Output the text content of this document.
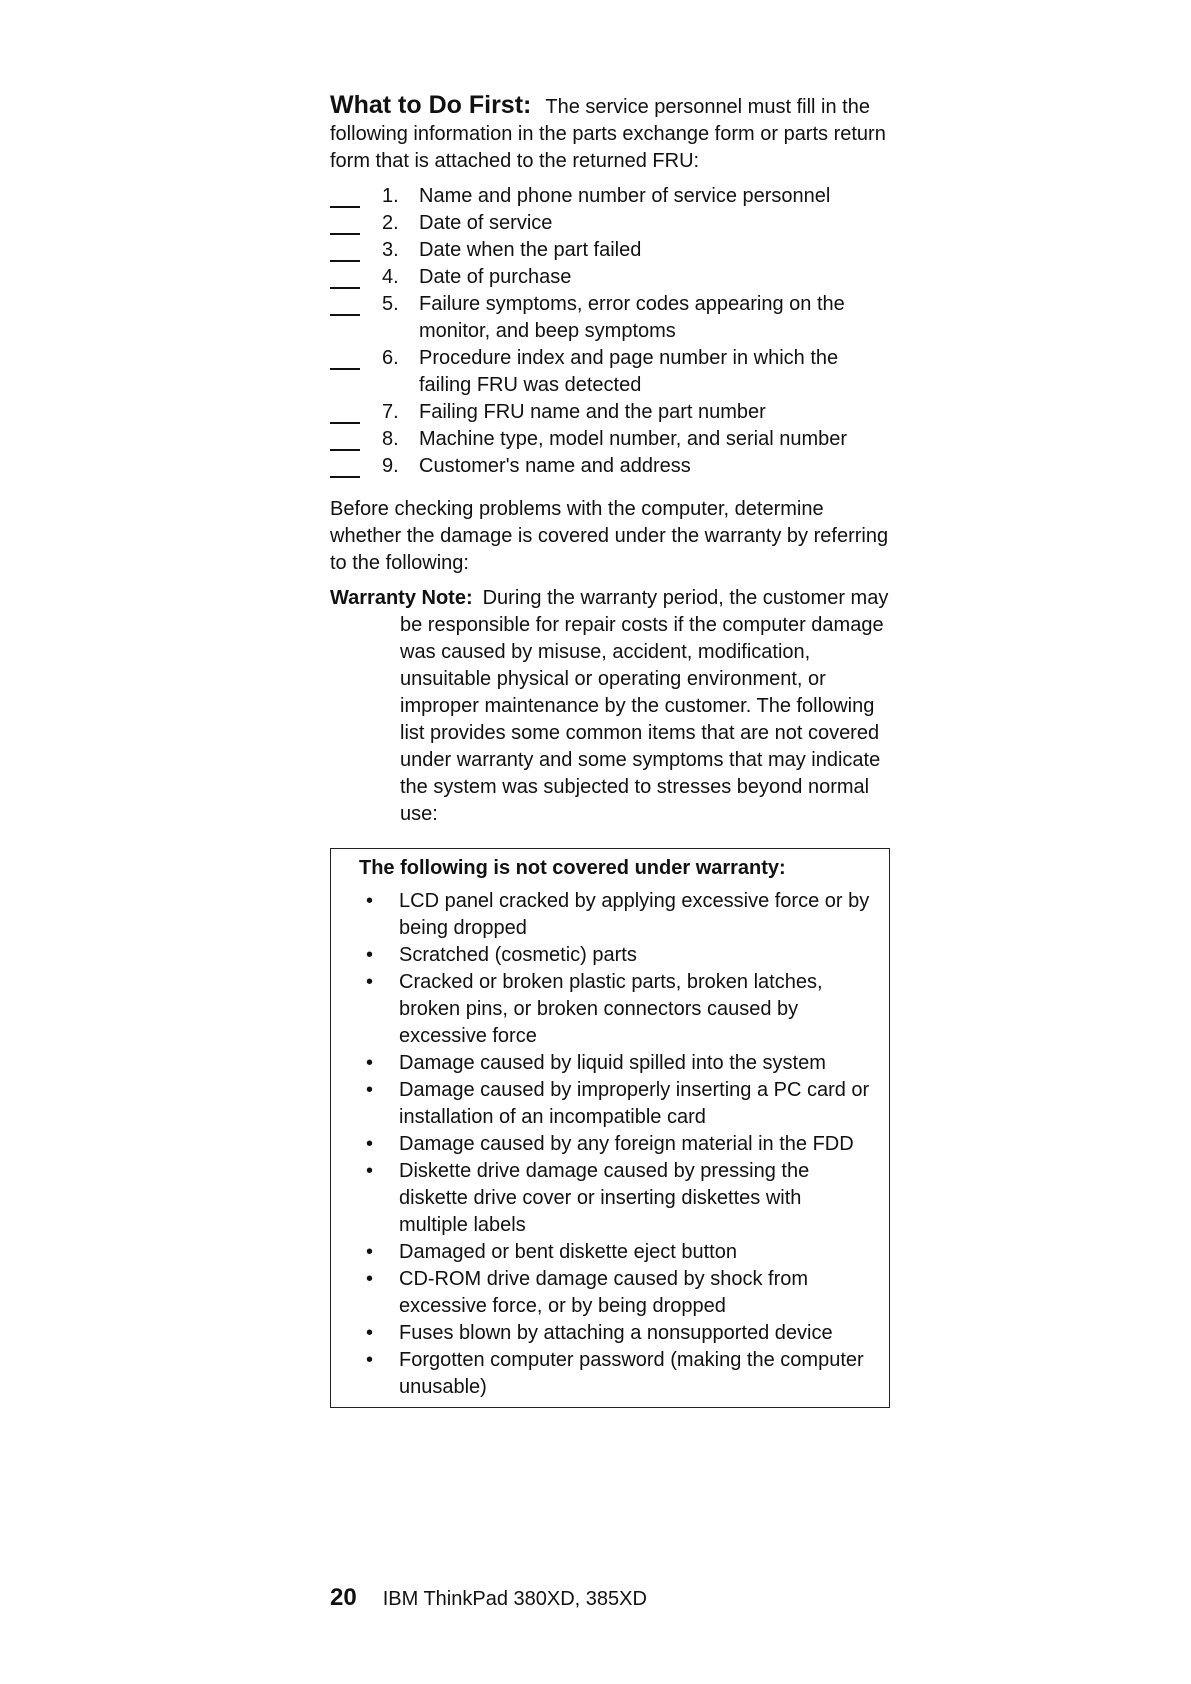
What to Do First: The service personnel must fill in the following information in the parts exchange form or parts return form that is attached to the returned FRU:

1. Name and phone number of service personnel
2. Date of service
3. Date when the part failed
4. Date of purchase
5. Failure symptoms, error codes appearing on the monitor, and beep symptoms
6. Procedure index and page number in which the failing FRU was detected
7. Failing FRU name and the part number
8. Machine type, model number, and serial number
9. Customer's name and address

Before checking problems with the computer, determine whether the damage is covered under the warranty by referring to the following:

Warranty Note: During the warranty period, the customer may be responsible for repair costs if the computer damage was caused by misuse, accident, modification, unsuitable physical or operating environment, or improper maintenance by the customer. The following list provides some common items that are not covered under warranty and some symptoms that may indicate the system was subjected to stresses beyond normal use:

The following is not covered under warranty:

• LCD panel cracked by applying excessive force or by being dropped
• Scratched (cosmetic) parts
• Cracked or broken plastic parts, broken latches, broken pins, or broken connectors caused by excessive force
• Damage caused by liquid spilled into the system
• Damage caused by improperly inserting a PC card or installation of an incompatible card
• Damage caused by any foreign material in the FDD
• Diskette drive damage caused by pressing the diskette drive cover or inserting diskettes with multiple labels
• Damaged or bent diskette eject button
• CD-ROM drive damage caused by shock from excessive force, or by being dropped
• Fuses blown by attaching a nonsupported device
• Forgotten computer password (making the computer unusable)
20 IBM ThinkPad 380XD, 385XD
